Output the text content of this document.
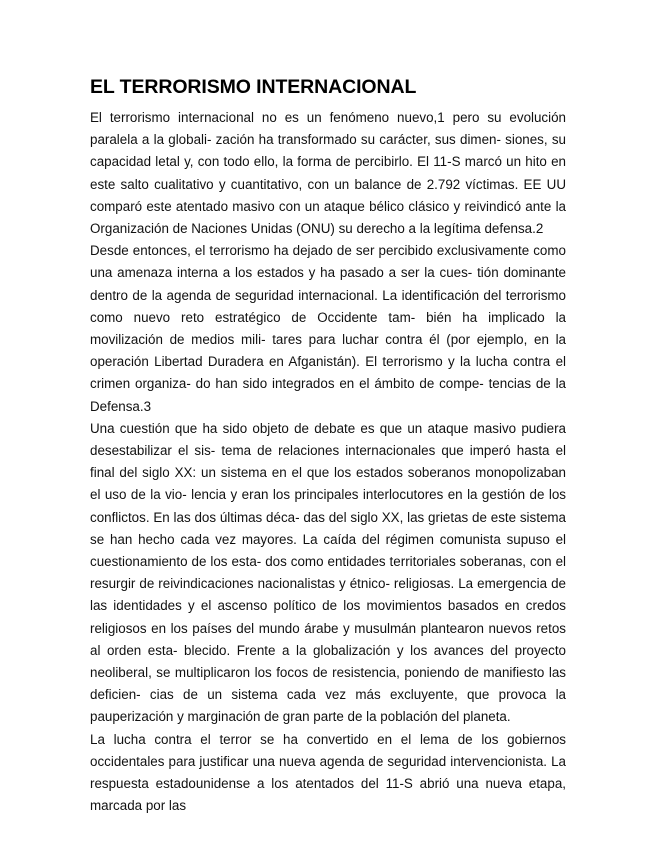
EL TERRORISMO INTERNACIONAL

El terrorismo internacional no es un fenómeno nuevo,1 pero su evolución paralela a la globali- zación ha transformado su carácter, sus dimen- siones, su capacidad letal y, con todo ello, la forma de percibirlo. El 11-S marcó un hito en este salto cualitativo y cuantitativo, con un balance de 2.792 víctimas. EE UU comparó este atentado masivo con un ataque bélico clásico y reivindicó ante la Organización de Naciones Unidas (ONU) su derecho a la legítima defensa.2

Desde entonces, el terrorismo ha dejado de ser percibido exclusivamente como una amenaza interna a los estados y ha pasado a ser la cues- tión dominante dentro de la agenda de seguridad internacional. La identificación del terrorismo como nuevo reto estratégico de Occidente tam- bién ha implicado la movilización de medios mili- tares para luchar contra él (por ejemplo, en la operación Libertad Duradera en Afganistán). El terrorismo y la lucha contra el crimen organiza- do han sido integrados en el ámbito de compe- tencias de la Defensa.3

Una cuestión que ha sido objeto de debate es que un ataque masivo pudiera desestabilizar el sis- tema de relaciones internacionales que imperó hasta el final del siglo XX: un sistema en el que los estados soberanos monopolizaban el uso de la vio- lencia y eran los principales interlocutores en la gestión de los conflictos. En las dos últimas déca- das del siglo XX, las grietas de este sistema se han hecho cada vez mayores. La caída del régimen comunista supuso el cuestionamiento de los esta- dos como entidades territoriales soberanas, con el resurgir de reivindicaciones nacionalistas y étnico- religiosas. La emergencia de las identidades y el ascenso político de los movimientos basados en credos religiosos en los países del mundo árabe y musulmán plantearon nuevos retos al orden esta- blecido. Frente a la globalización y los avances del proyecto neoliberal, se multiplicaron los focos de resistencia, poniendo de manifiesto las deficien- cias de un sistema cada vez más excluyente, que provoca la pauperización y marginación de gran parte de la población del planeta.

La lucha contra el terror se ha convertido en el lema de los gobiernos occidentales para justificar una nueva agenda de seguridad intervencionista. La respuesta estadounidense a los atentados del 11-S abrió una nueva etapa, marcada por las
